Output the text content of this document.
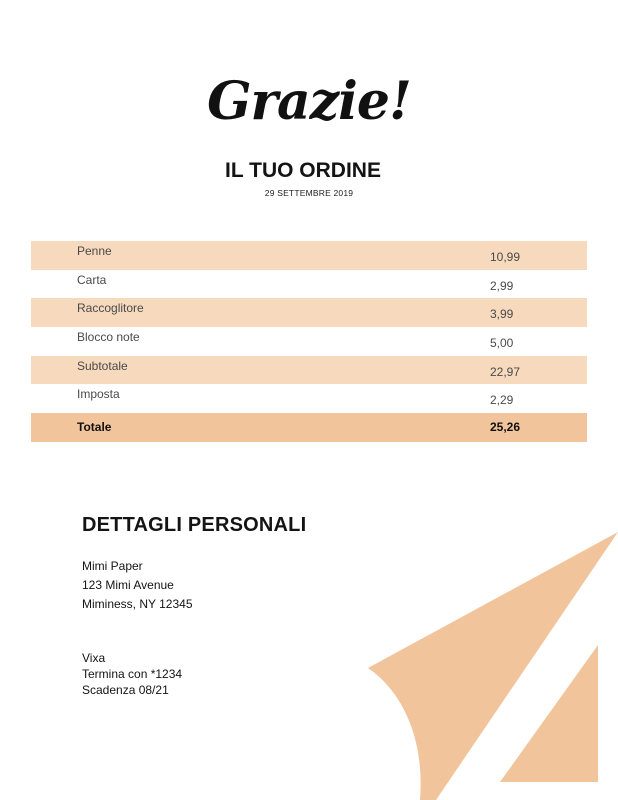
Grazie!
IL TUO ORDINE
29 SETTEMBRE 2019
Penne	10,99
Carta	2,99
Raccoglitore	3,99
Blocco note	5,00
Subtotale	22,97
Imposta	2,29
Totale	25,26
DETTAGLI PERSONALI
Mimi Paper
123 Mimi Avenue
Miminess, NY 12345
Vixa
Termina con *1234
Scadenza 08/21
